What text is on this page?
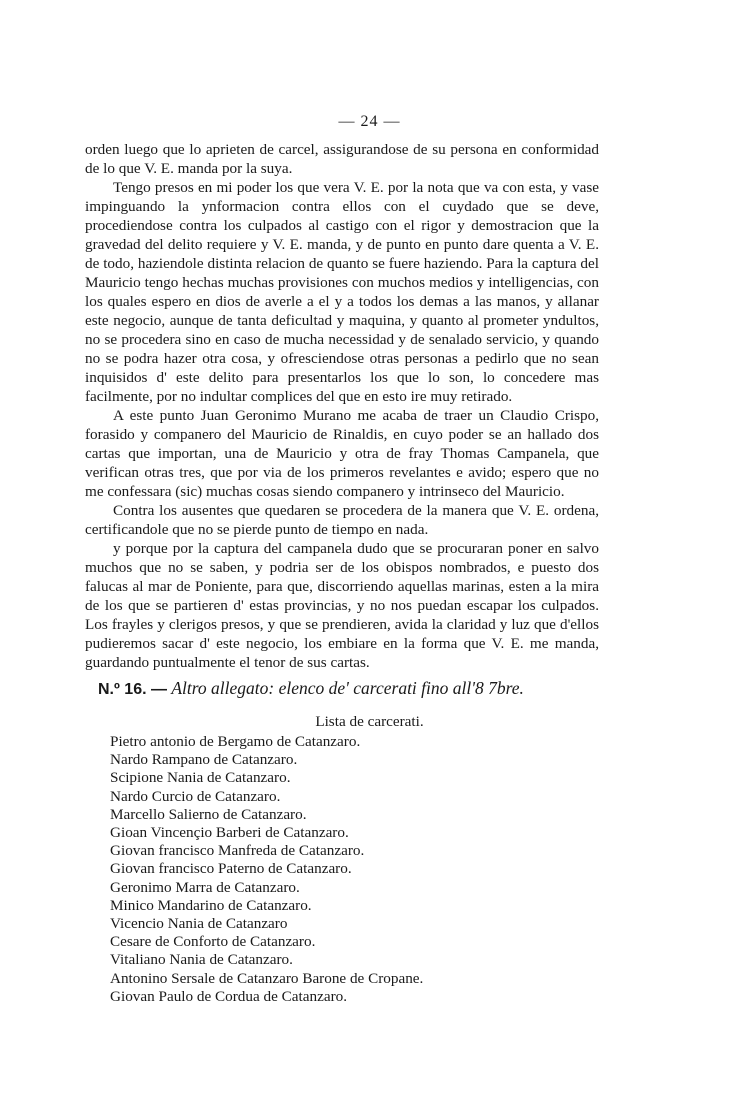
— 24 —

orden luego que lo aprieten de carcel, assigurandose de su persona en conformidad de lo que V. E. manda por la suya.

Tengo presos en mi poder los que vera V. E. por la nota que va con esta, y vase impinguando la ynformacion contra ellos con el cuydado que se deve, procediendose contra los culpados al castigo con el rigor y demostracion que la gravedad del delito requiere y V. E. manda, y de punto en punto dare quenta a V. E. de todo, haziendole distinta relacion de quanto se fuere haziendo. Para la captura del Mauricio tengo hechas muchas provisiones con muchos medios y intelligencias, con los quales espero en dios de averle a el y a todos los demas a las manos, y allanar este negocio, aunque de tanta deficultad y maquina, y quanto al prometer yndultos, no se procedera sino en caso de mucha necessidad y de senalado servicio, y quando no se podra hazer otra cosa, y ofresciendose otras personas a pedirlo que no sean inquisidos d' este delito para presentarlos los que lo son, lo concedere mas facilmente, por no indultar complices del que en esto ire muy retirado.

A este punto Juan Geronimo Murano me acaba de traer un Claudio Crispo, forasido y companero del Mauricio de Rinaldis, en cuyo poder se an hallado dos cartas que importan, una de Mauricio y otra de fray Thomas Campanela, que verifican otras tres, que por via de los primeros revelantes e avido; espero que no me confessara (sic) muchas cosas siendo companero y intrinseco del Mauricio.

Contra los ausentes que quedaren se procedera de la manera que V. E. ordena, certificandole que no se pierde punto de tiempo en nada.

y porque por la captura del campanela dudo que se procuraran poner en salvo muchos que no se saben, y podria ser de los obispos nombrados, e puesto dos falucas al mar de Poniente, para que, discorriendo aquellas marinas, esten a la mira de los que se partieren d' estas provincias, y no nos puedan escapar los culpados. Los frayles y clerigos presos, y que se prendieren, avida la claridad y luz que d'ellos pudieremos sacar d' este negocio, los embiare en la forma que V. E. me manda, guardando puntualmente el tenor de sus cartas.

N.º 16. — Altro allegato: elenco de' carcerati fino all'8 7bre.
Lista de carcerati.
Pietro antonio de Bergamo de Catanzaro.
Nardo Rampano de Catanzaro.
Scipione Nania de Catanzaro.
Nardo Curcio de Catanzaro.
Marcello Salierno de Catanzaro.
Gioan Vincençio Barberi de Catanzaro.
Giovan francisco Manfreda de Catanzaro.
Giovan francisco Paterno de Catanzaro.
Geronimo Marra de Catanzaro.
Minico Mandarino de Catanzaro.
Vicencio Nania de Catanzaro
Cesare de Conforto de Catanzaro.
Vitaliano Nania de Catanzaro.
Antonino Sersale de Catanzaro Barone de Cropane.
Giovan Paulo de Cordua de Catanzaro.
